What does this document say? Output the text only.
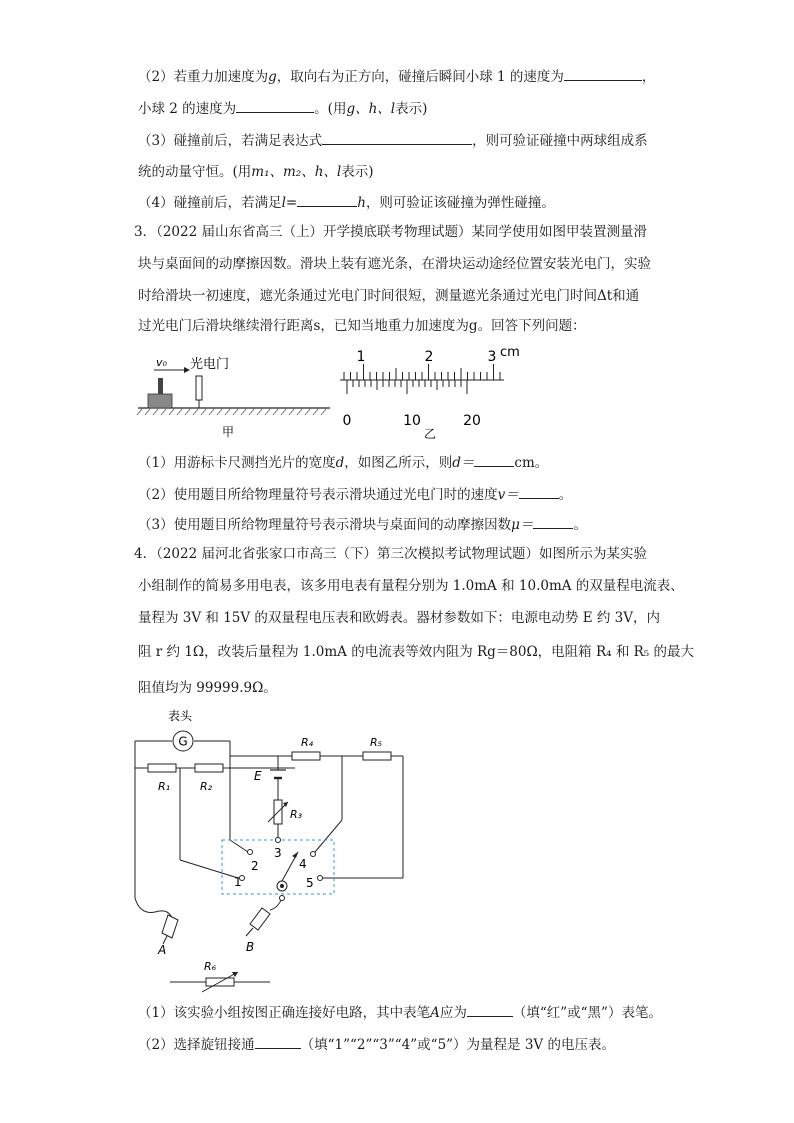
（2）若重力加速度为g，取向右为正方向，碰撞后瞬间小球 1 的速度为	，
小球 2 的速度为	。(用g、h、l表示)
（3）碰撞前后，若满足表达式	，则可验证碰撞中两球组成系
统的动量守恒。(用m₁、m₂、h、l表示)
（4）碰撞前后，若满足l=	h，则可验证该碰撞为弹性碰撞。
3．（2022 届山东省高三（上）开学摸底联考物理试题）某同学使用如图甲装置测量滑
块与桌面间的动摩擦因数。滑块上装有遮光条，在滑块运动途经位置安装光电门，实验
时给滑块一初速度，遮光条通过光电门时间很短，测量遮光条通过光电门时间Δt和通
过光电门后滑块继续滑行距离s，已知当地重力加速度为g。回答下列问题：
v₀ 光电门
甲
1	2	3 cm
0	10	20
乙
（1）用游标卡尺测挡光片的宽度d，如图乙所示，则d＝	cm。
（2）使用题目所给物理量符号表示滑块通过光电门时的速度v＝	。
（3）使用题目所给物理量符号表示滑块与桌面间的动摩擦因数μ＝	。
4．（2022 届河北省张家口市高三（下）第三次模拟考试物理试题）如图所示为某实验
小组制作的简易多用电表，该多用电表有量程分别为 1.0mA 和 10.0mA 的双量程电流表、
量程为 3V 和 15V 的双量程电压表和欧姆表。器材参数如下：电源电动势 E 约 3V，内
阻 r 约 1Ω，改装后量程为 1.0mA 的电流表等效内阻为 Rg＝80Ω，电阻箱 R₄ 和 R₅ 的最大
阻值均为 99999.9Ω。
G
表头
R₁	R₂
R₄	R₅
R₃
E
1
2
3
4
5
A	B
R₆
（1）该实验小组按图正确连接好电路，其中表笔A应为	（填“红”或“黑”）表笔。
（2）选择旋钮接通	（填“1”“2”“3”“4”或“5”）为量程是 3V 的电压表。
